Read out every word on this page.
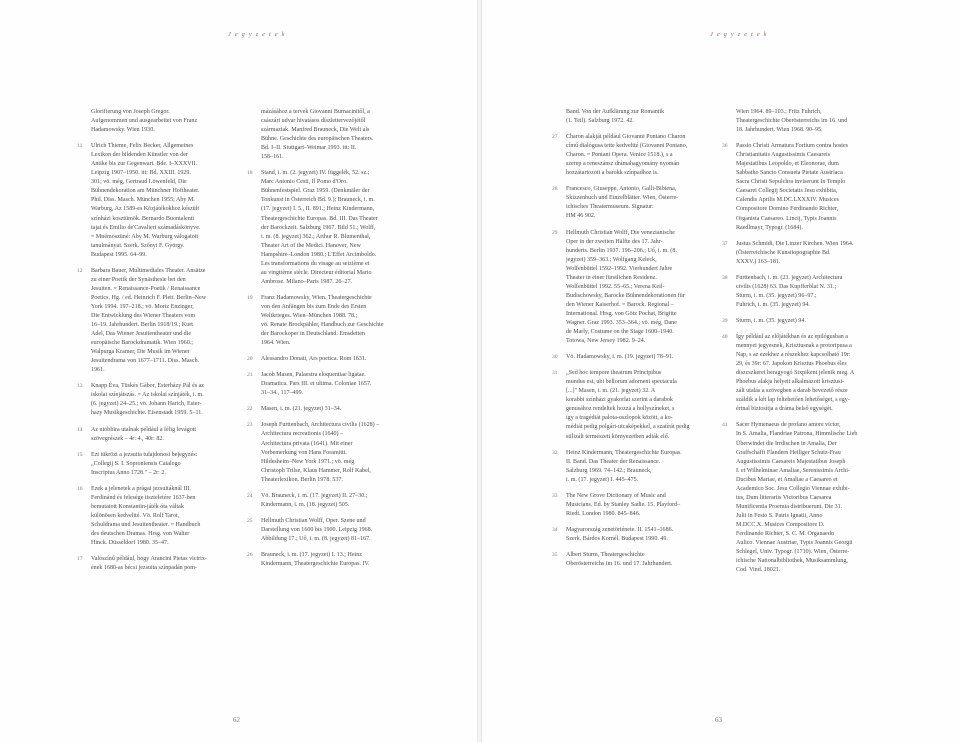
J e g y z e t e k
Glorifierung von Joseph Gregor.
Aufgenommen und ausgearbeitet von Franz
Hadamowsky. Wien 1930.
11	Ulrich Thieme, Felix Becker, Allgemeines
Lexikon der bildenden Künstler von der
Antike bis zur Gegenwart. Bde. I–XXXVII.
Leipzig 1907–1950. itt: Bd. XXIII. 1929.
301; vö. még, Gertraud Löwenfeld, Die
Bühnendekoration am Münchner Hoftheater.
Phil. Diss. Masch. München 1955; Aby M.
Warburg, Az 1589-es Közjátékokhoz készült
színházi kosztümök. Bernardo Buontalenti
tajai és Emilio de'Cavalieri számadáskönyve.
= Mnémoszüné: Aby M. Warburg válogatott
tanulmányai. Szerk. Szőnyi F. György.
Budapest 1995. 64–99.
12	Barbara Bauer, Multimediales Theater. Ansätze
zu einer Poetik der Synästhesie bei den
Jesuiten. = Renaissance-Poetik / Renaissance
Poetics. Hg. / ed. Heinrich F. Plett. Berlin–New
York 1994. 197–218.; vö. Moriz Enzinger,
Die Entwicklung des Wiener Theaters vom
16–19. Jahrhundert. Berlin 1918/19.; Kurt
Adel, Das Wiener Jesuitentheater und die
europäische Barockdramatik. Wien 1960.;
Walpurga Kramer, Die Musik im Wiener
Jesuitendrama von 1677–1711. Diss. Masch.
1961.
13	Knapp Éva, Tüskés Gábor, Esterházy Pál és az
iskolai színjátszás. = Az iskolai színjáték, i. m.
(6. jegyzet) 24–25.; vö. Johann Harich, Ester-
hazy Musikgeschichte. Eisenstadt 1959. 5–11.
14	Az utóbbira utalnak például a félig levágott
szövegrészek – 4r: 4., 40r: 82.
15	Ezt tükrözi a jezsuita tulajdonosi bejegyzés:
„Collegij S. I. Soproniensis Catalogo
Inscriptus Anno 1728." – 2r: 2.
16	Ezek a jelenetek a prágai jezsuitáknál III.
Ferdinánd és felesége tiszteletére 1637-ben
bemutatott Konstantin-játék óta váltak
különösen kedveltté. Vö. Rolf Tarot,
Schuldrama und Jesuitentheater. = Handbuch
des deutschen Dramas. Hrsg. von Walter
Hinck. Düsseldorf 1980. 35–47.
17	Valószínű például, hogy Arancini Pietas victrix-
ének 1680-as bécsi jezsuita színpadán pom-
mázásához a tervek Giovanni Burnacinitől, a
császári udvar hivatásos díszlettervezőjétől
származtak. Manfred Brauneck, Die Welt als
Bühne. Geschichte des europäischen Theaters.
Bd. I–II. Stuttgart–Weimar 1993. itt: II.
158–161.
18	Stand, i. m. (2. jegyzet) IV. függelék, 52. sz.;
Marc Antonio Cesti, Il Pomo d'Oro.
Bühnenfestspiel. Graz 1959. (Denkmäler der
Tonkunst in Österreich Bd. 9.); Brauneck, i. m.
(17. jegyzet) I. 5., II. 891.; Heinz Kindermann,
Theatergeschichte Europas. Bd. III. Das Theater
der Barockzeit. Salzburg 1967. Bild 51.; Wolff,
i. m. (8. jegyzet) 362.; Arthur R. Blumenthal,
Theater Art of the Medici. Hanover, New
Hampshire–London 1980.; L'Effet Arcimboldo.
Les transformations du visage au seizième et
au vingtième siècle. Directeur éditorial Mario
Ambrose. Milano–Paris 1987. 26–27.
19	Franz Hadamowsky, Wien. Theatergeschichte
von den Anfängen bis zum Ende des Ersten
Weltkrieges. Wien–München 1988. 78.;
vö. Renate Brockpähler, Handbuch zur Geschichte
der Barockoper in Deutschland. Emsdetten
1964. Wien.
20	Alessandro Donati, Ars poetica. Rom 1631.
21	Jacob Masen, Palaestra eloquentiae ligatae.
Dramatica. Pars III. et ultima. Coloniae 1657.
31–34., 117–499.
22	Masen, i. m. (21. jegyzet) 31–34.
23	Joseph Furttenbach, Architectura civilis (1628) –
Architectura recreationis (1640) –
Architectura privata (1641). Mit einer
Vorbemerkung von Hans Foramitti.
Hildesheim–New York 1971.; vö. még
Christoph Trilse, Klaus Hammer, Rolf Kabel,
Theaterlexikon. Berlin 1978. 537.
24	Vö. Brauneck, i. m. (17. jegyzet) II. 27–30.;
Kindermann, i. m. (18. jegyzet) 505.
25	Hellmuth Christian Wolff, Oper. Szene und
Darstellung von 1600 bis 1900. Leipzig 1968.
Abbildung 17.; Uő, i. m. (8. jegyzet) 81–167.
26	Brauneck, i. m. (17. jegyzet) I. 13.; Heinz
Kindermann, Theatergeschichte Europas. IV.
62
J e g y z e t e k
Band. Von der Aufklärung zur Romantik
(1. Teil). Salzburg 1972. 42.
27	Charon alakját például Giovanni Pontano Charon
című dialógusa tette kedveltté (Giovanni Pontano,
Charon. = Pontani Opera. Venice 1518.), s a
szerep a reneszánsz drámahagyomány nyomán
hozzátartozott a barokk színpadhoz is.
28	Francesco, Giuseppe, Antonio, Galli-Bibiena,
Skizzenbuch und Einzelblätter. Wien, Österre-
ichisches Theatermuseum. Signatur:
HM 46 902.
29	Hellmuth Christian Wolff, Die venezianische
Oper in der zweiten Hälfte des 17. Jahr-
hunderts. Berlin 1937. 196–206.; Uő, i. m. (8.
jegyzet) 359–363.; Wolfgang Keleck,
Wolfenbüttel 1592–1992. Vierhundert Jahre
Theater in einer fürstlichen Residenz.
Wolfenbüttel 1992. 55–65.; Verena Keil-
Budischowsky, Barocke Bühnendekorationen für
den Wiener Kaiserhof. = Barock. Regional –
International. Hrsg. von Götz Pochat, Brigitte
Wagner. Graz 1993. 353–364.; vö. még, Dane
de Marly, Costume on the Stage 1600–1940.
Totowa, New Jersey 1982. 9–24.
30	Vö. Hadamowsky, i. m. (19. jegyzet) 78–91.
31	„Sed hoc tempore theatrum Principibus
mundus est, ubi bellorum adornent spectacula
[...]" Masen, i. m. (21. jegyzet) 32. A
korabbi színházi gyakorlat szerint a darabok
genusához rendeltek hozzá a hollyszíneket, s
így a tragédiát palota-oszlopok között, a ko-
médiát pedig polgári-utcaképekkel, a szatírát pedig
stilizált természeti környezetben adták elő.
32	Heinz Kindermann, Theatergeschichte Europas.
II. Band. Das Theater der Renaissance.
Salzburg 1969. 74–142.; Brauneck,
i. m. (17. jegyzet) I. 445–475.
33	The New Grove Dictionary of Music and
Musicians. Ed. by Stanley Sadie. 15. Playford–
Riedt. London 1980. 845–846.
34	Magyarország zenetörténete. II. 1541–1686.
Szerk. Bárdos Kornél. Budapest 1990. 49.
35	Albert Sturm, Theatergeschichte
Oberösterreichs im 16. und 17. Jahrhundert.
Wien 1964. 89–103.; Fritz Fuhrich,
Theatergeschichte Oberösterreichs im 16. und
18. Jahrhundert. Wien 1968. 90–95.
36	Passio Christi Armatura Fortium contra hostes
Christianitatis Augustissimis Caesareis
Majestatibus Leopoldo, et Eleonorae, dum
Sabbatho Sancto Consueta Pietate Austriaca
Sacra Christi Sepulchra inviserunt In Templo
Caesarei Collegij Societatis Jesu exhibita,
Calendis Aprilis M.DC.LXXXIV. Musices
Compositore Domino Ferdinando Richter,
Organista Caesareo. Lincij, Typis Joannis
Raedlmayr, Typogr. (1684).
37	Justus Schmidt, Die Linzer Kirchen. Wien 1964.
(Österreichische Kunsttopographie Bd.
XXXV.) 163–181.
38	Furttenbach, i. m. (23. jegyzet) Architectura
civilis (1628) 63. Das Kupfferblat N. 31.;
Sturm, i. m. (35. jegyzet) 96–97.;
Fuhrich, i. m. (35. jegyzet) 94.
39	Sturm, i. m. (35. jegyzet) 94.
40	Így például az előjátékban és az epilógusban a
mennyei jegyesnek, Krisztusnak a protoripusa a
Nap, s az ezekhez a részekhez kapcsolható 19r:
29, és 39r: 67. Japokon Krisztus Phoebus éles
diszcszkeret beragyogó Sixpikent jelenik meg. A
Phoebus alakja helyett alkalmazott krisztusi-
zált utalás a szövegben a darab bevezető része
száldik a két lap feltehetően lehetőséget, s egy-
értnal biztosítja a dráma belső egységét.
41	Sacer Hymenaeus de profano amore victor,
In S. Amalia, Flandriae Patrona, Himmlische Lieb
Überwindet die Irrdischen in Amalia, Der
Graffschafft Flandern Heiliger Schutz-Frau
Augustissimis Caesareis Majestatibus Joseph
I. et Wilhelminae Amaliae, Serenissimis Archi-
Ducibus Mariae, et Amaliae a Caesareo et
Academico Soc. Jesu Collegio Viennae exhibi-
tus, Dum litterariis Victoribus Caesarea
Munificentia Proemia distribuerunt. Die 31.
Julii in Festo S. Patris Ignatii, Anno
M.DCC.X. Musices Compositore D.
Ferdinando Richter, S. C. M. Organaedo
Aulico. Viennae Austriae, Typis Joannis Georgii
Schlegel, Univ. Typogr. (1710). Wien, Österre-
ichische Nationalbibliothek, Musiksammlung,
Cod. Vind. 18021.
63
